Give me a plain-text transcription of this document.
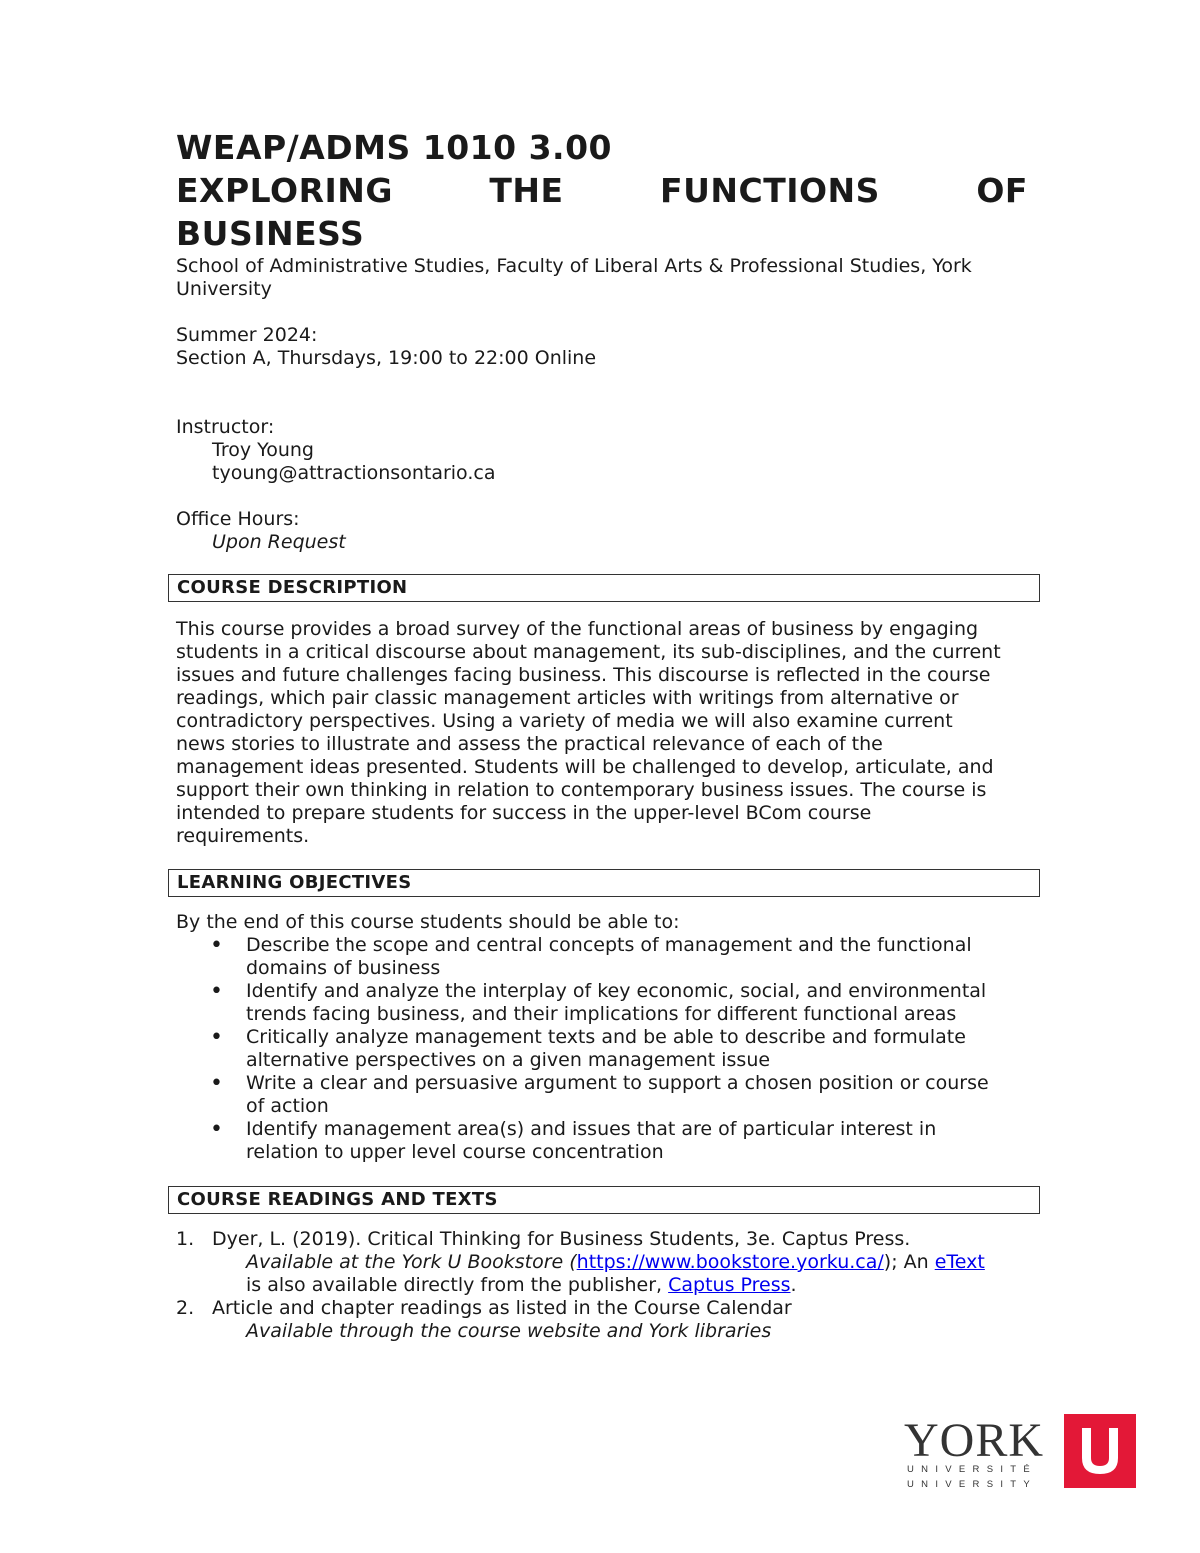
WEAP/ADMS 1010 3.00
EXPLORING	THE	FUNCTIONS	OF
BUSINESS
School of Administrative Studies, Faculty of Liberal Arts & Professional Studies, York
University
Summer 2024:
Section A, Thursdays, 19:00 to 22:00 Online
Instructor:
Troy Young
tyoung@attractionsontario.ca
Office Hours:
Upon Request
COURSE DESCRIPTION
This course provides a broad survey of the functional areas of business by engaging
students in a critical discourse about management, its sub-disciplines, and the current
issues and future challenges facing business. This discourse is reflected in the course
readings, which pair classic management articles with writings from alternative or
contradictory perspectives. Using a variety of media we will also examine current
news stories to illustrate and assess the practical relevance of each of the
management ideas presented. Students will be challenged to develop, articulate, and
support their own thinking in relation to contemporary business issues. The course is
intended to prepare students for success in the upper-level BCom course
requirements.
LEARNING OBJECTIVES
By the end of this course students should be able to:
• Describe the scope and central concepts of management and the functional
domains of business
• Identify and analyze the interplay of key economic, social, and environmental
trends facing business, and their implications for different functional areas
• Critically analyze management texts and be able to describe and formulate
alternative perspectives on a given management issue
• Write a clear and persuasive argument to support a chosen position or course
of action
• Identify management area(s) and issues that are of particular interest in
relation to upper level course concentration
COURSE READINGS AND TEXTS
1. Dyer, L. (2019). Critical Thinking for Business Students, 3e. Captus Press.
Available at the York U Bookstore (https://www.bookstore.yorku.ca/); An eText
is also available directly from the publisher, Captus Press.
2. Article and chapter readings as listed in the Course Calendar
Available through the course website and York libraries
YORK
UNIVERSITÉ
UNIVERSITY
